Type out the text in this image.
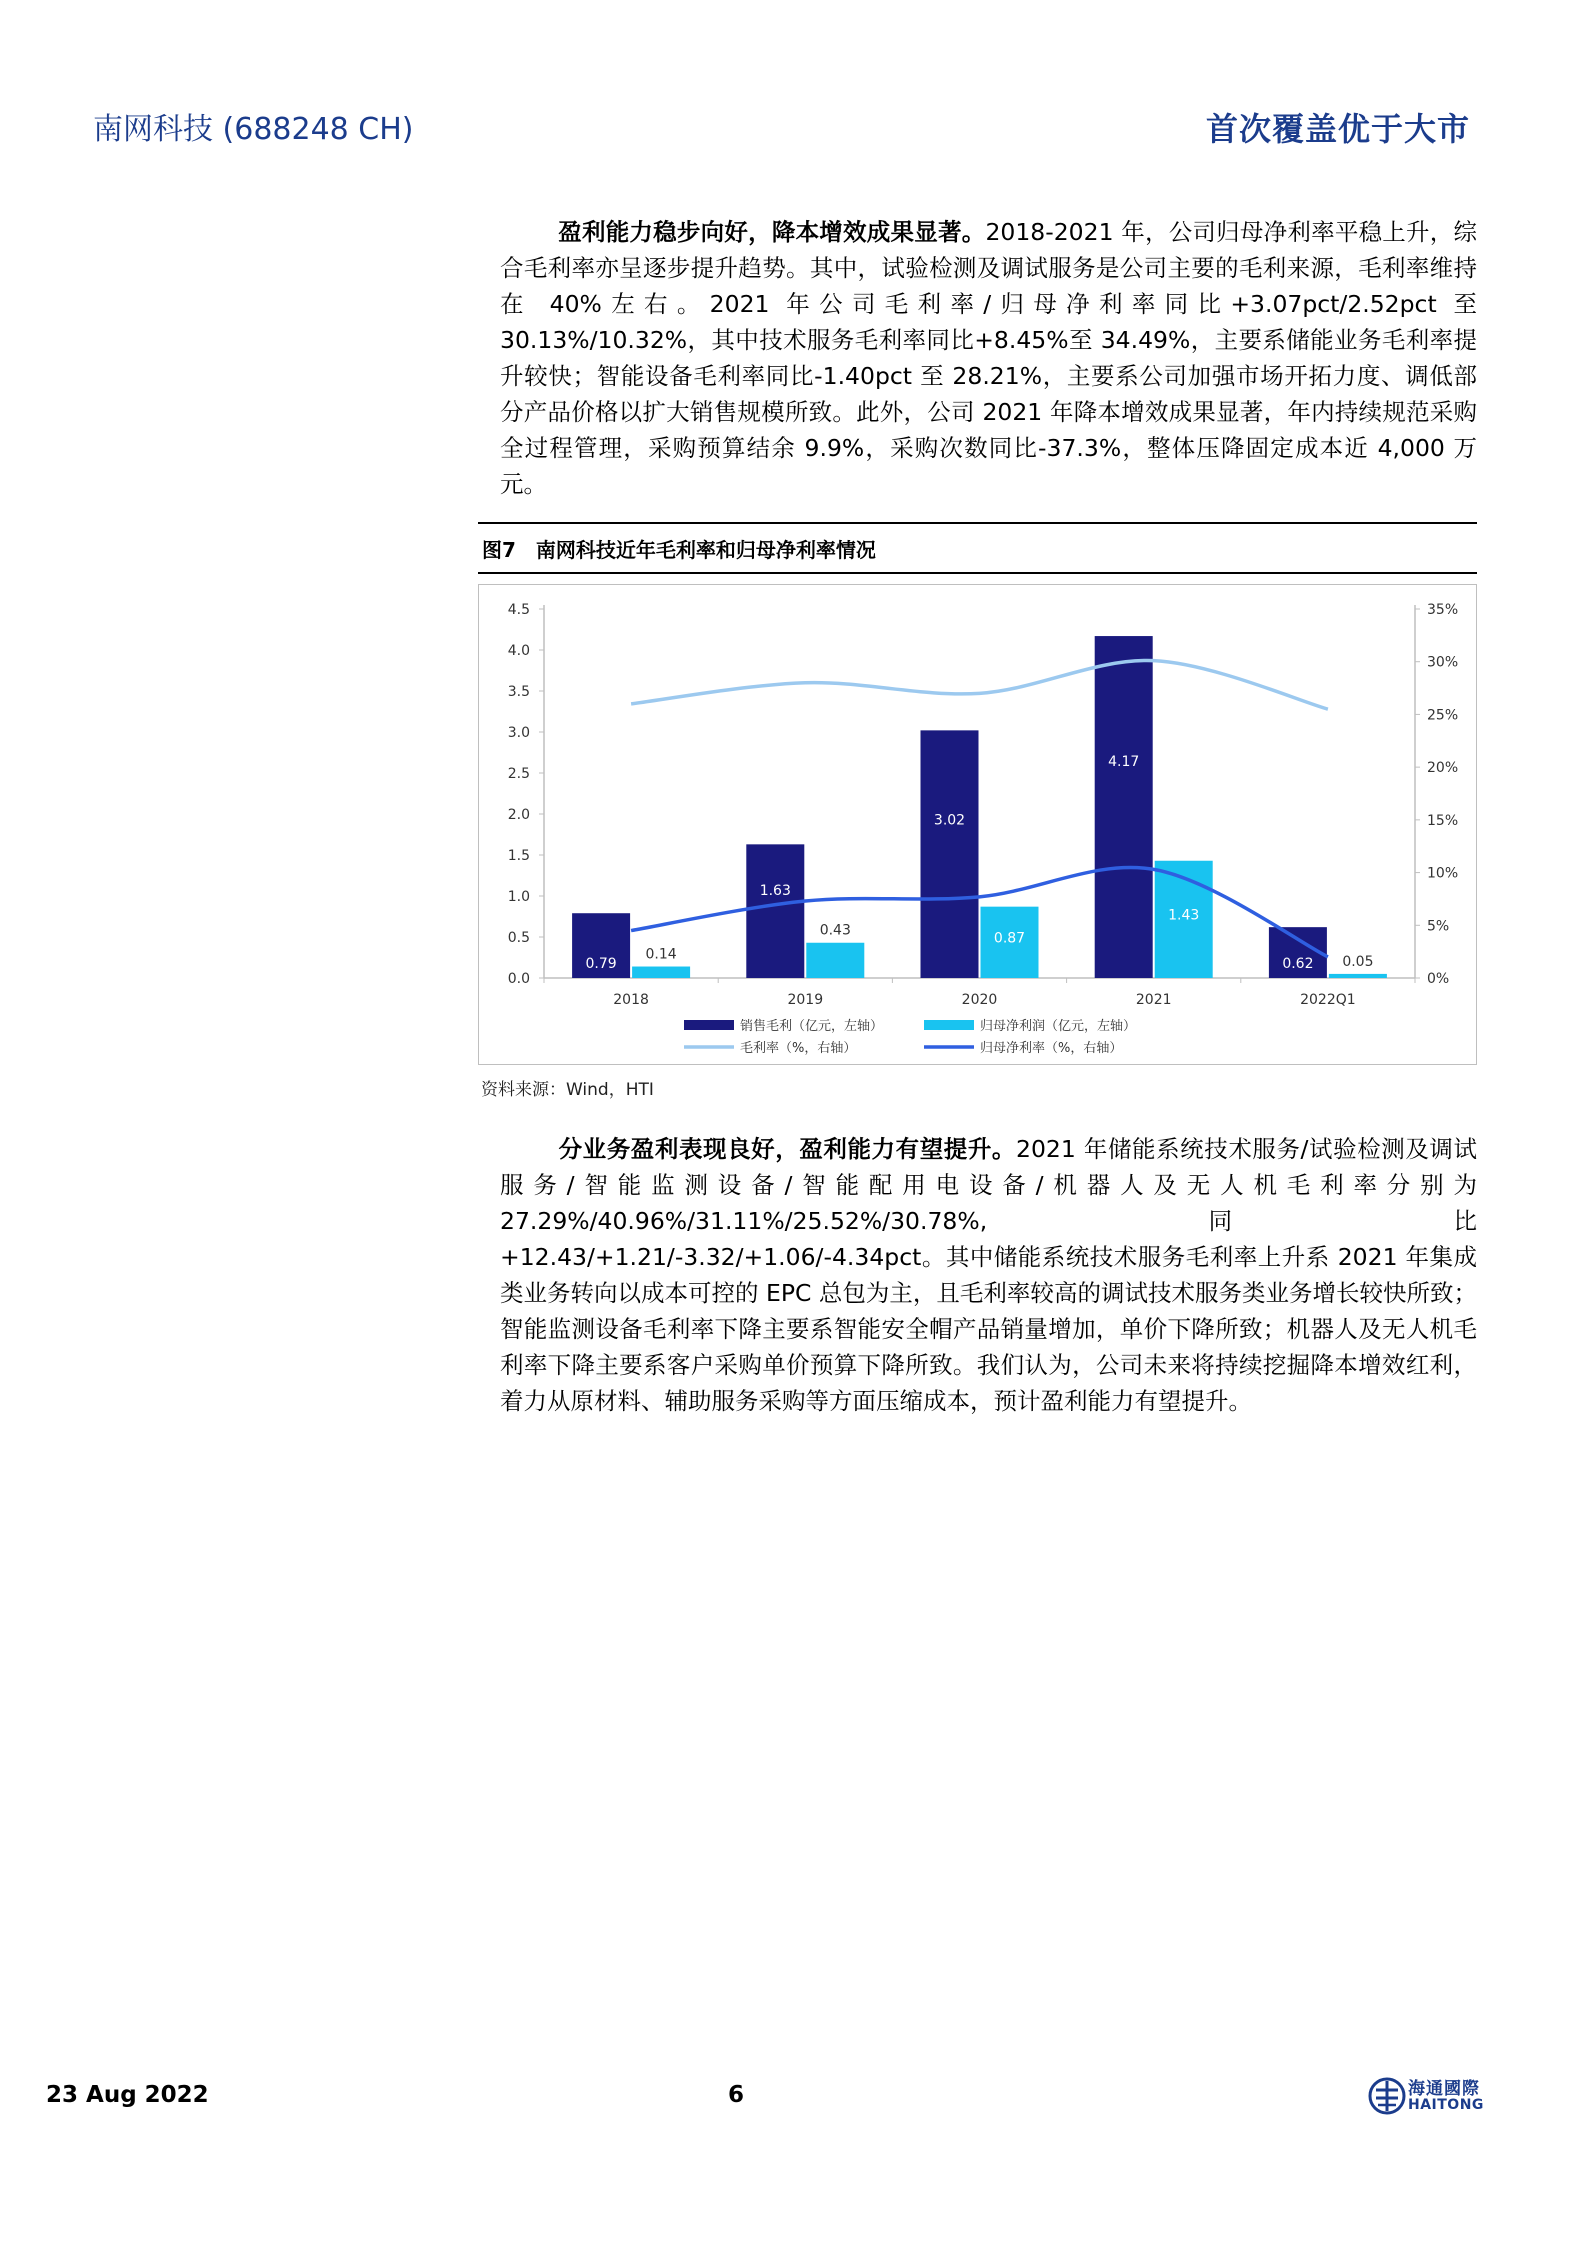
南网科技 (688248 CH)	首次覆盖优于大市
盈利能力稳步向好，降本增效成果显著。2018-2021 年，公司归母净利率平稳上升，综合毛利率亦呈逐步提升趋势。其中，试验检测及调试服务是公司主要的毛利来源，毛利率维持在 40%左右。2021 年公司毛利率/归母净利率同比+3.07pct/2.52pct 至 30.13%/10.32%，其中技术服务毛利率同比+8.45%至 34.49%，主要系储能业务毛利率提升较快；智能设备毛利率同比-1.40pct 至 28.21%，主要系公司加强市场开拓力度、调低部分产品价格以扩大销售规模所致。此外，公司 2021 年降本增效成果显著，年内持续规范采购全过程管理，采购预算结余 9.9%，采购次数同比-37.3%，整体压降固定成本近 4,000 万元。
图7 南网科技近年毛利率和归母净利率情况
0.0
0.5
1.0
1.5
2.0
2.5
3.0
3.5
4.0
4.5
0%
5%
10%
15%
20%
25%
30%
35%
2018	2019	2020	2021	2022Q1
0.79
1.63
3.02
4.17
0.62
0.14
0.43	0.87
1.43
0.05
销售毛利（亿元，左轴）	归母净利润（亿元，左轴）
毛利率（%，右轴）	归母净利率（%，右轴）
资料来源：Wind，HTI
分业务盈利表现良好，盈利能力有望提升。2021 年储能系统技术服务/试验检测及调试服务/智能监测设备/智能配用电设备/机器人及无人机毛利率分别为 27.29%/40.96%/31.11%/25.52%/30.78%,同比+12.43/+1.21/-3.32/+1.06/-4.34pct。其中储能系统技术服务毛利率上升系 2021 年集成类业务转向以成本可控的 EPC 总包为主，且毛利率较高的调试技术服务类业务增长较快所致；智能监测设备毛利率下降主要系智能安全帽产品销量增加，单价下降所致；机器人及无人机毛利率下降主要系客户采购单价预算下降所致。我们认为，公司未来将持续挖掘降本增效红利，着力从原材料、辅助服务采购等方面压缩成本，预计盈利能力有望提升。
23 Aug 2022	6	海通國際
HAITONG
